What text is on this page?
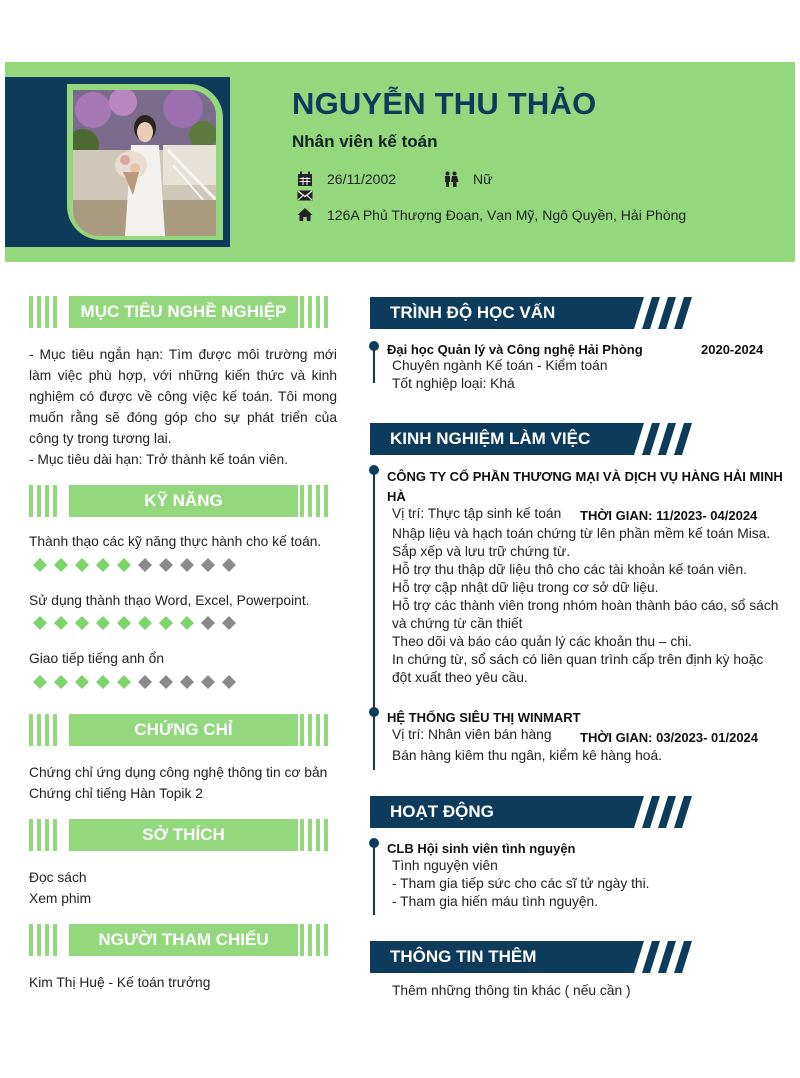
NGUYỄN THU THẢO
Nhân viên kế toán
26/11/2002	Nữ
126A Phủ Thượng Đoạn, Vạn Mỹ, Ngô Quyền, Hải Phòng
MỤC TIÊU NGHỀ NGHIỆP
- Mục tiêu ngắn hạn: Tìm được môi trường mới làm việc phù hợp, với những kiến thức và kinh nghiệm có được về công việc kế toán. Tôi mong muốn rằng sẽ đóng góp cho sự phát triển của công ty trong tương lai.
- Mục tiêu dài hạn: Trở thành kế toán viên.
KỸ NĂNG
Thành thạo các kỹ năng thực hành cho kế toán.
Sử dụng thành thạo Word, Excel, Powerpoint.
Giao tiếp tiếng anh ổn
CHỨNG CHỈ
Chứng chỉ ứng dụng công nghệ thông tin cơ bản
Chứng chỉ tiếng Hàn Topik 2
SỞ THÍCH
Đọc sách
Xem phim
NGƯỜI THAM CHIẾU
Kim Thị Huệ - Kế toán trưởng
TRÌNH ĐỘ HỌC VẤN
Đại học Quản lý và Công nghệ Hải Phòng	2020-2024
Chuyên ngành Kế toán - Kiểm toán
Tốt nghiệp loại: Khá
KINH NGHIỆM LÀM VIỆC
CÔNG TY CỔ PHẦN THƯƠNG MẠI VÀ DỊCH VỤ HÀNG HẢI MINH HÀ
Vị trí: Thực tập sinh kế toán THỜI GIAN: 11/2023- 04/2024
Nhập liệu và hạch toán chứng từ lên phần mềm kế toán Misa.
Sắp xếp và lưu trữ chứng từ.
Hỗ trợ thu thập dữ liệu thô cho các tài khoản kế toán viên.
Hỗ trợ cập nhật dữ liệu trong cơ sở dữ liệu.
Hỗ trợ các thành viên trong nhóm hoàn thành báo cáo, sổ sách và chứng từ cần thiết
Theo dõi và báo cáo quản lý các khoản thu – chi.
In chứng từ, sổ sách có liên quan trình cấp trên định kỳ hoặc đột xuất theo yêu cầu.
HỆ THỐNG SIÊU THỊ WINMART
Vị trí: Nhân viên bán hàng THỜI GIAN: 03/2023- 01/2024
Bán hàng kiêm thu ngân, kiểm kê hàng hoá.
HOẠT ĐỘNG
CLB Hội sinh viên tình nguyện
Tình nguyện viên
- Tham gia tiếp sức cho các sĩ tử ngày thi.
- Tham gia hiến máu tình nguyện.
THÔNG TIN THÊM
Thêm những thông tin khác ( nếu cần )
